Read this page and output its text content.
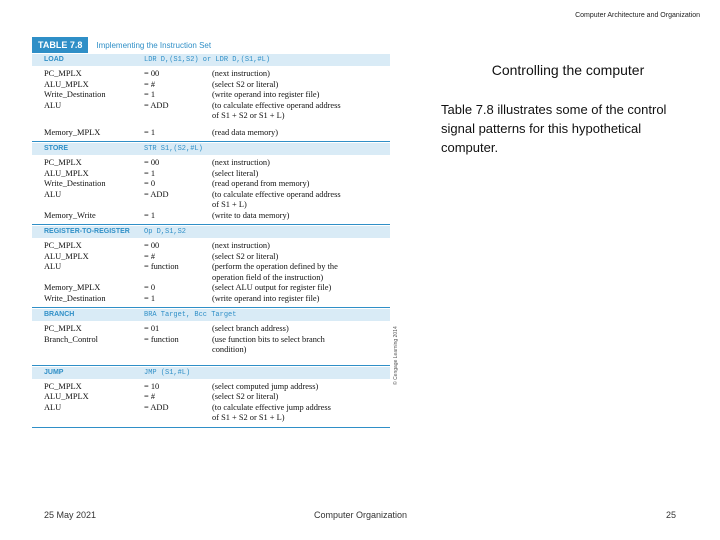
Computer Architecture and Organization
TABLE 7.8	Implementing the Instruction Set
LOAD	LDR D,(S1,S2) or LDR D,(S1,#L)
PC_MPLX	= 00	(next instruction)
ALU_MPLX	= #	(select S2 or literal)
Write_Destination	= 1	(write operand into register file)
ALU	= ADD	(to calculate effective operand address
of S1 + S2 or S1 + L)
Memory_MPLX	= 1	(read data memory)
STORE	STR S1,(S2,#L)
PC_MPLX	= 00	(next instruction)
ALU_MPLX	= 1	(select literal)
Write_Destination	= 0	(read operand from memory)
ALU	= ADD	(to calculate effective operand address
of S1 + L)
Memory_Write	= 1	(write to data memory)
REGISTER-TO-REGISTER Op D,S1,S2
PC_MPLX	= 00	(next instruction)
ALU_MPLX	= #	(select S2 or literal)
ALU	= function	(perform the operation defined by the
operation field of the instruction)
Memory_MPLX	= 0	(select ALU output for register file)
Write_Destination	= 1	(write operand into register file)
BRANCH	BRA Target, Bcc Target
PC_MPLX	= 01	(select branch address)
Branch_Control	= function	(use function bits to select branch
condition)
JUMP	JMP (S1,#L)
PC_MPLX	= 10	(select computed jump address)
ALU_MPLX	= #	(select S2 or literal)
ALU	= ADD	(to calculate effective jump address
of S1 + S2 or S1 + L)
© Cengage Learning 2014
Controlling the computer
Table 7.8 illustrates some of the control signal patterns for this hypothetical computer.
25 May 2021	Computer Organization	25
